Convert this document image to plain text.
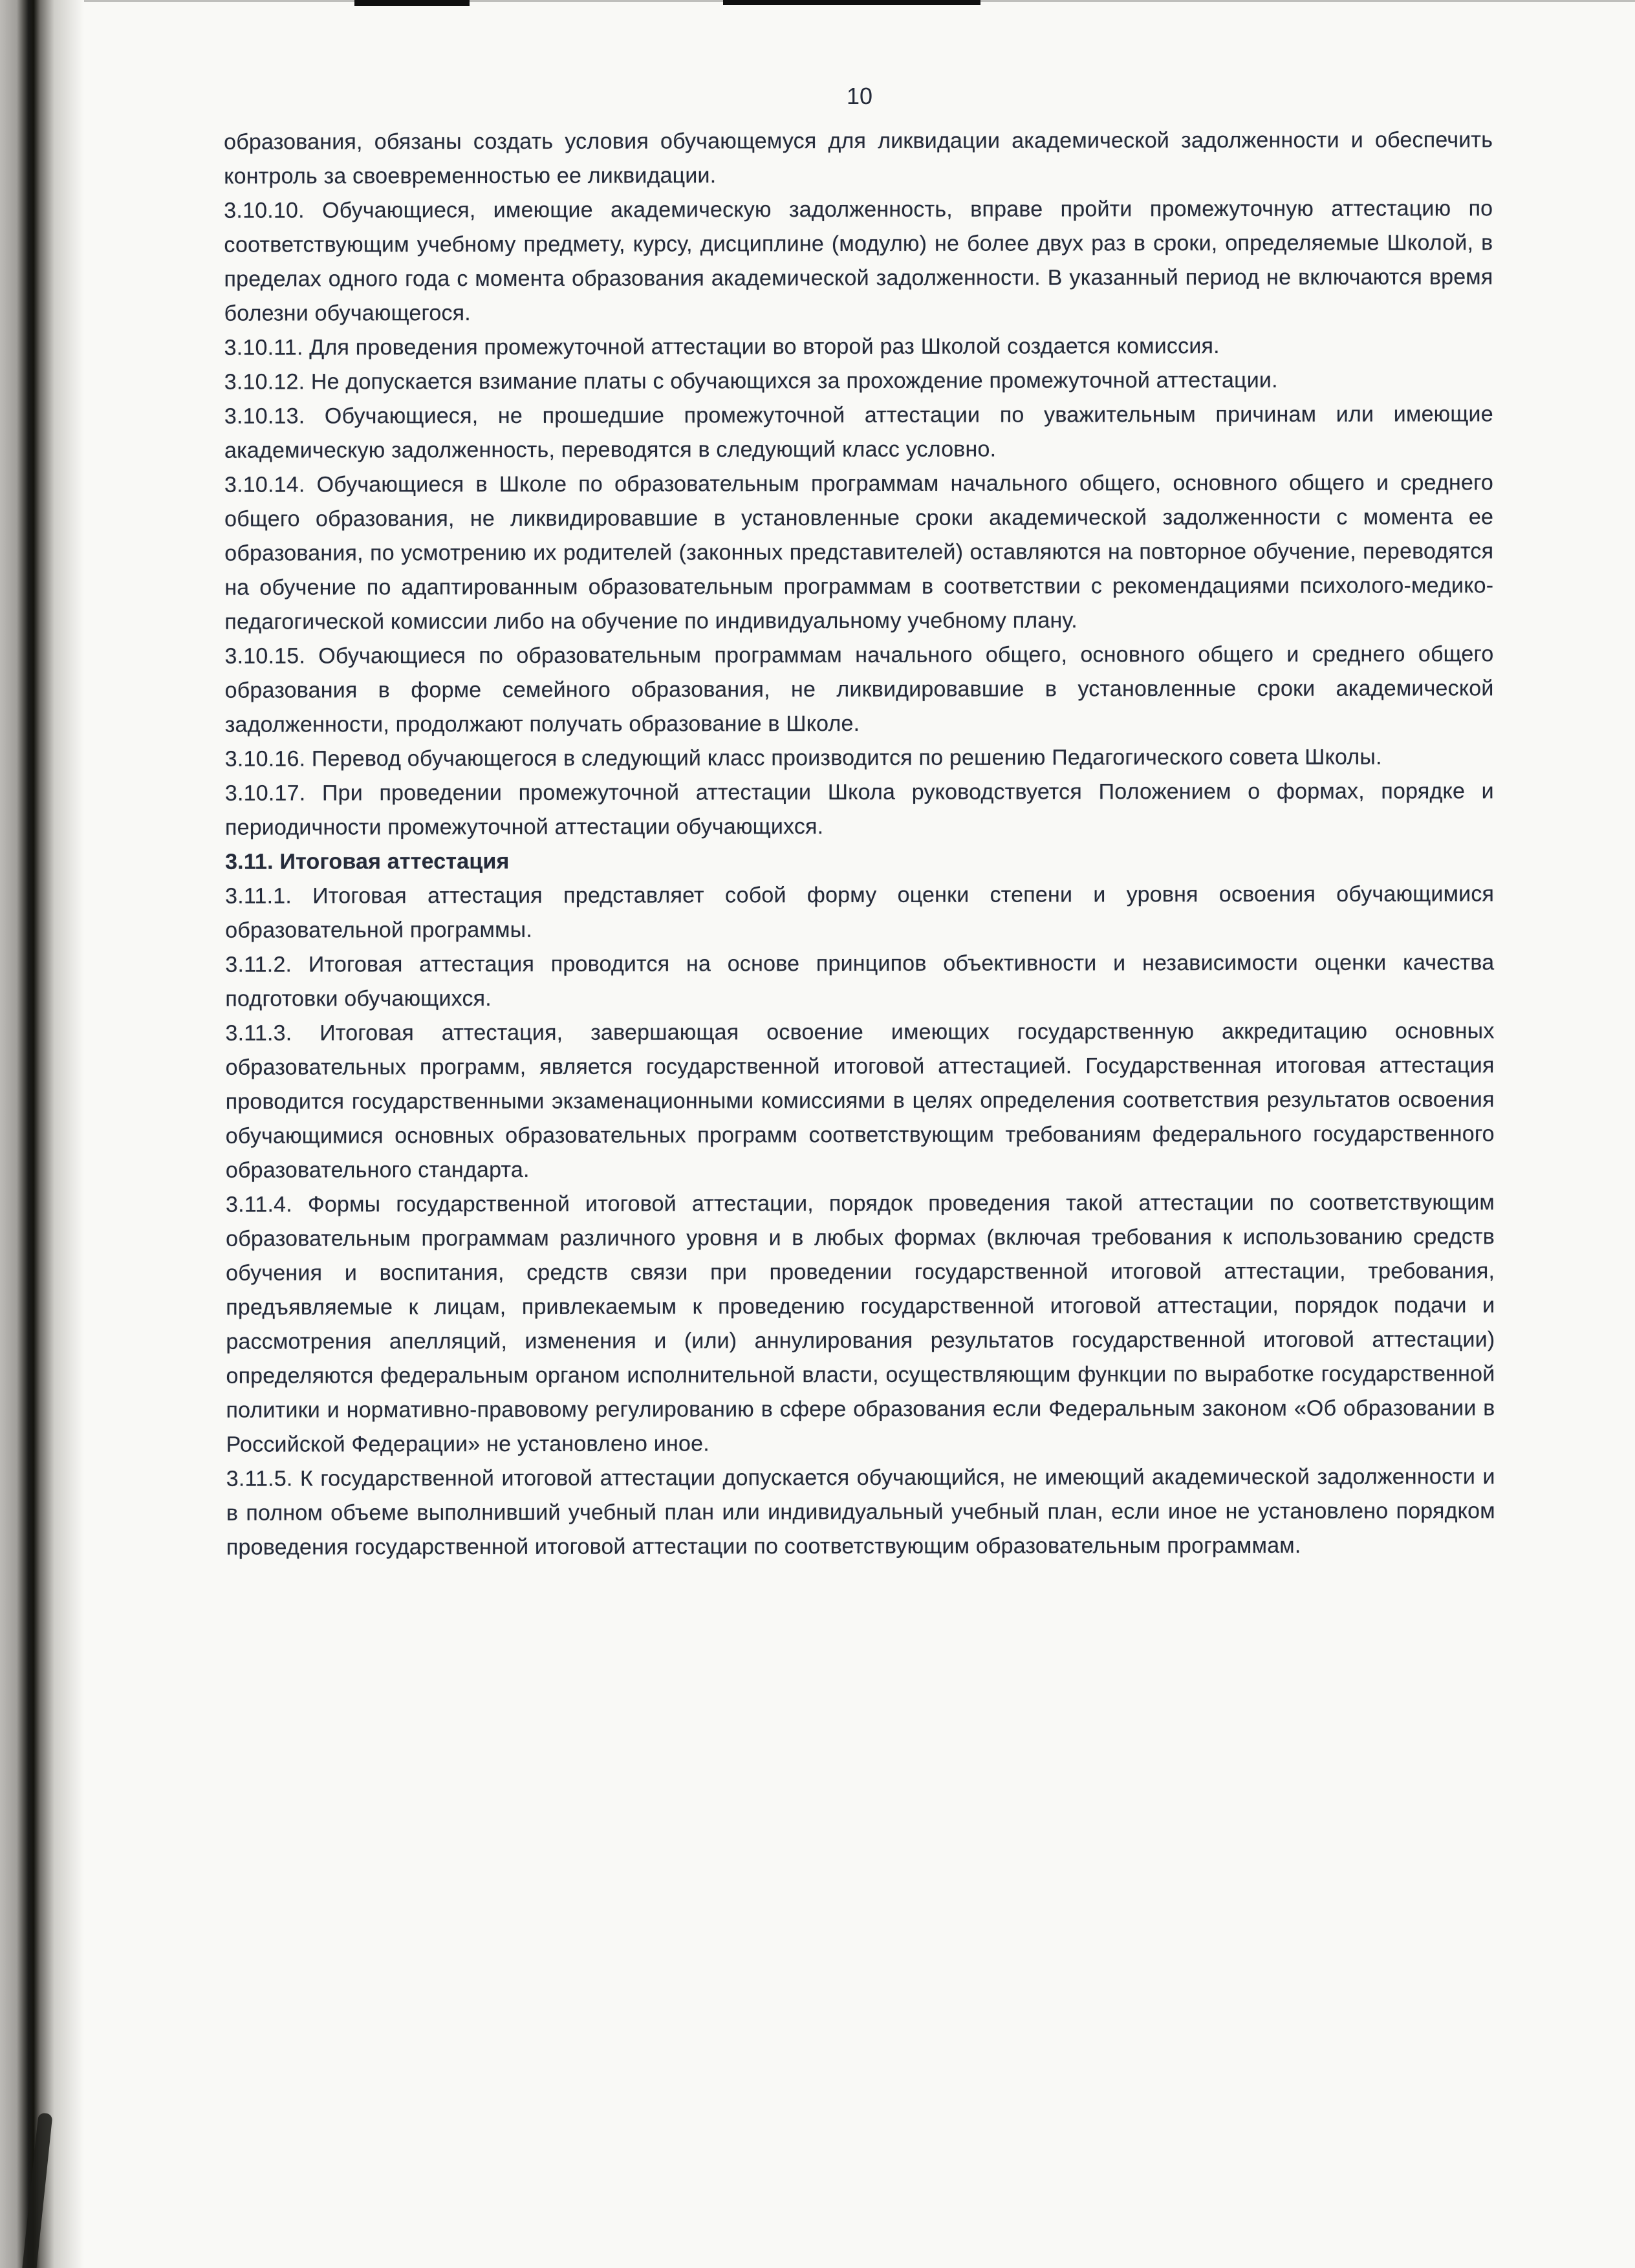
10

образования, обязаны создать условия обучающемуся для ликвидации академической задолженности и обеспечить контроль за своевременностью ее ликвидации.

3.10.10. Обучающиеся, имеющие академическую задолженность, вправе пройти промежуточную аттестацию по соответствующим учебному предмету, курсу, дисциплине (модулю) не более двух раз в сроки, определяемые Школой, в пределах одного года с момента образования академической задолженности. В указанный период не включаются время болезни обучающегося.

3.10.11. Для проведения промежуточной аттестации во второй раз Школой создается комиссия.

3.10.12. Не допускается взимание платы с обучающихся за прохождение промежуточной аттестации.

3.10.13. Обучающиеся, не прошедшие промежуточной аттестации по уважительным причинам или имеющие академическую задолженность, переводятся в следующий класс условно.

3.10.14. Обучающиеся в Школе по образовательным программам начального общего, основного общего и среднего общего образования, не ликвидировавшие в установленные сроки академической задолженности с момента ее образования, по усмотрению их родителей (законных представителей) оставляются на повторное обучение, переводятся на обучение по адаптированным образовательным программам в соответствии с рекомендациями психолого-медико-педагогической комиссии либо на обучение по индивидуальному учебному плану.

3.10.15. Обучающиеся по образовательным программам начального общего, основного общего и среднего общего образования в форме семейного образования, не ликвидировавшие в установленные сроки академической задолженности, продолжают получать образование в Школе.

3.10.16. Перевод обучающегося в следующий класс производится по решению Педагогического совета Школы.

3.10.17. При проведении промежуточной аттестации Школа руководствуется Положением о формах, порядке и периодичности промежуточной аттестации обучающихся.

3.11. Итоговая аттестация

3.11.1. Итоговая аттестация представляет собой форму оценки степени и уровня освоения обучающимися образовательной программы.

3.11.2. Итоговая аттестация проводится на основе принципов объективности и независимости оценки качества подготовки обучающихся.

3.11.3. Итоговая аттестация, завершающая освоение имеющих государственную аккредитацию основных образовательных программ, является государственной итоговой аттестацией. Государственная итоговая аттестация проводится государственными экзаменационными комиссиями в целях определения соответствия результатов освоения обучающимися основных образовательных программ соответствующим требованиям федерального государственного образовательного стандарта.

3.11.4. Формы государственной итоговой аттестации, порядок проведения такой аттестации по соответствующим образовательным программам различного уровня и в любых формах (включая требования к использованию средств обучения и воспитания, средств связи при проведении государственной итоговой аттестации, требования, предъявляемые к лицам, привлекаемым к проведению государственной итоговой аттестации, порядок подачи и рассмотрения апелляций, изменения и (или) аннулирования результатов государственной итоговой аттестации) определяются федеральным органом исполнительной власти, осуществляющим функции по выработке государственной политики и нормативно-правовому регулированию в сфере образования если Федеральным законом «Об образовании в Российской Федерации» не установлено иное.

3.11.5. К государственной итоговой аттестации допускается обучающийся, не имеющий академической задолженности и в полном объеме выполнивший учебный план или индивидуальный учебный план, если иное не установлено порядком проведения государственной итоговой аттестации по соответствующим образовательным программам.
